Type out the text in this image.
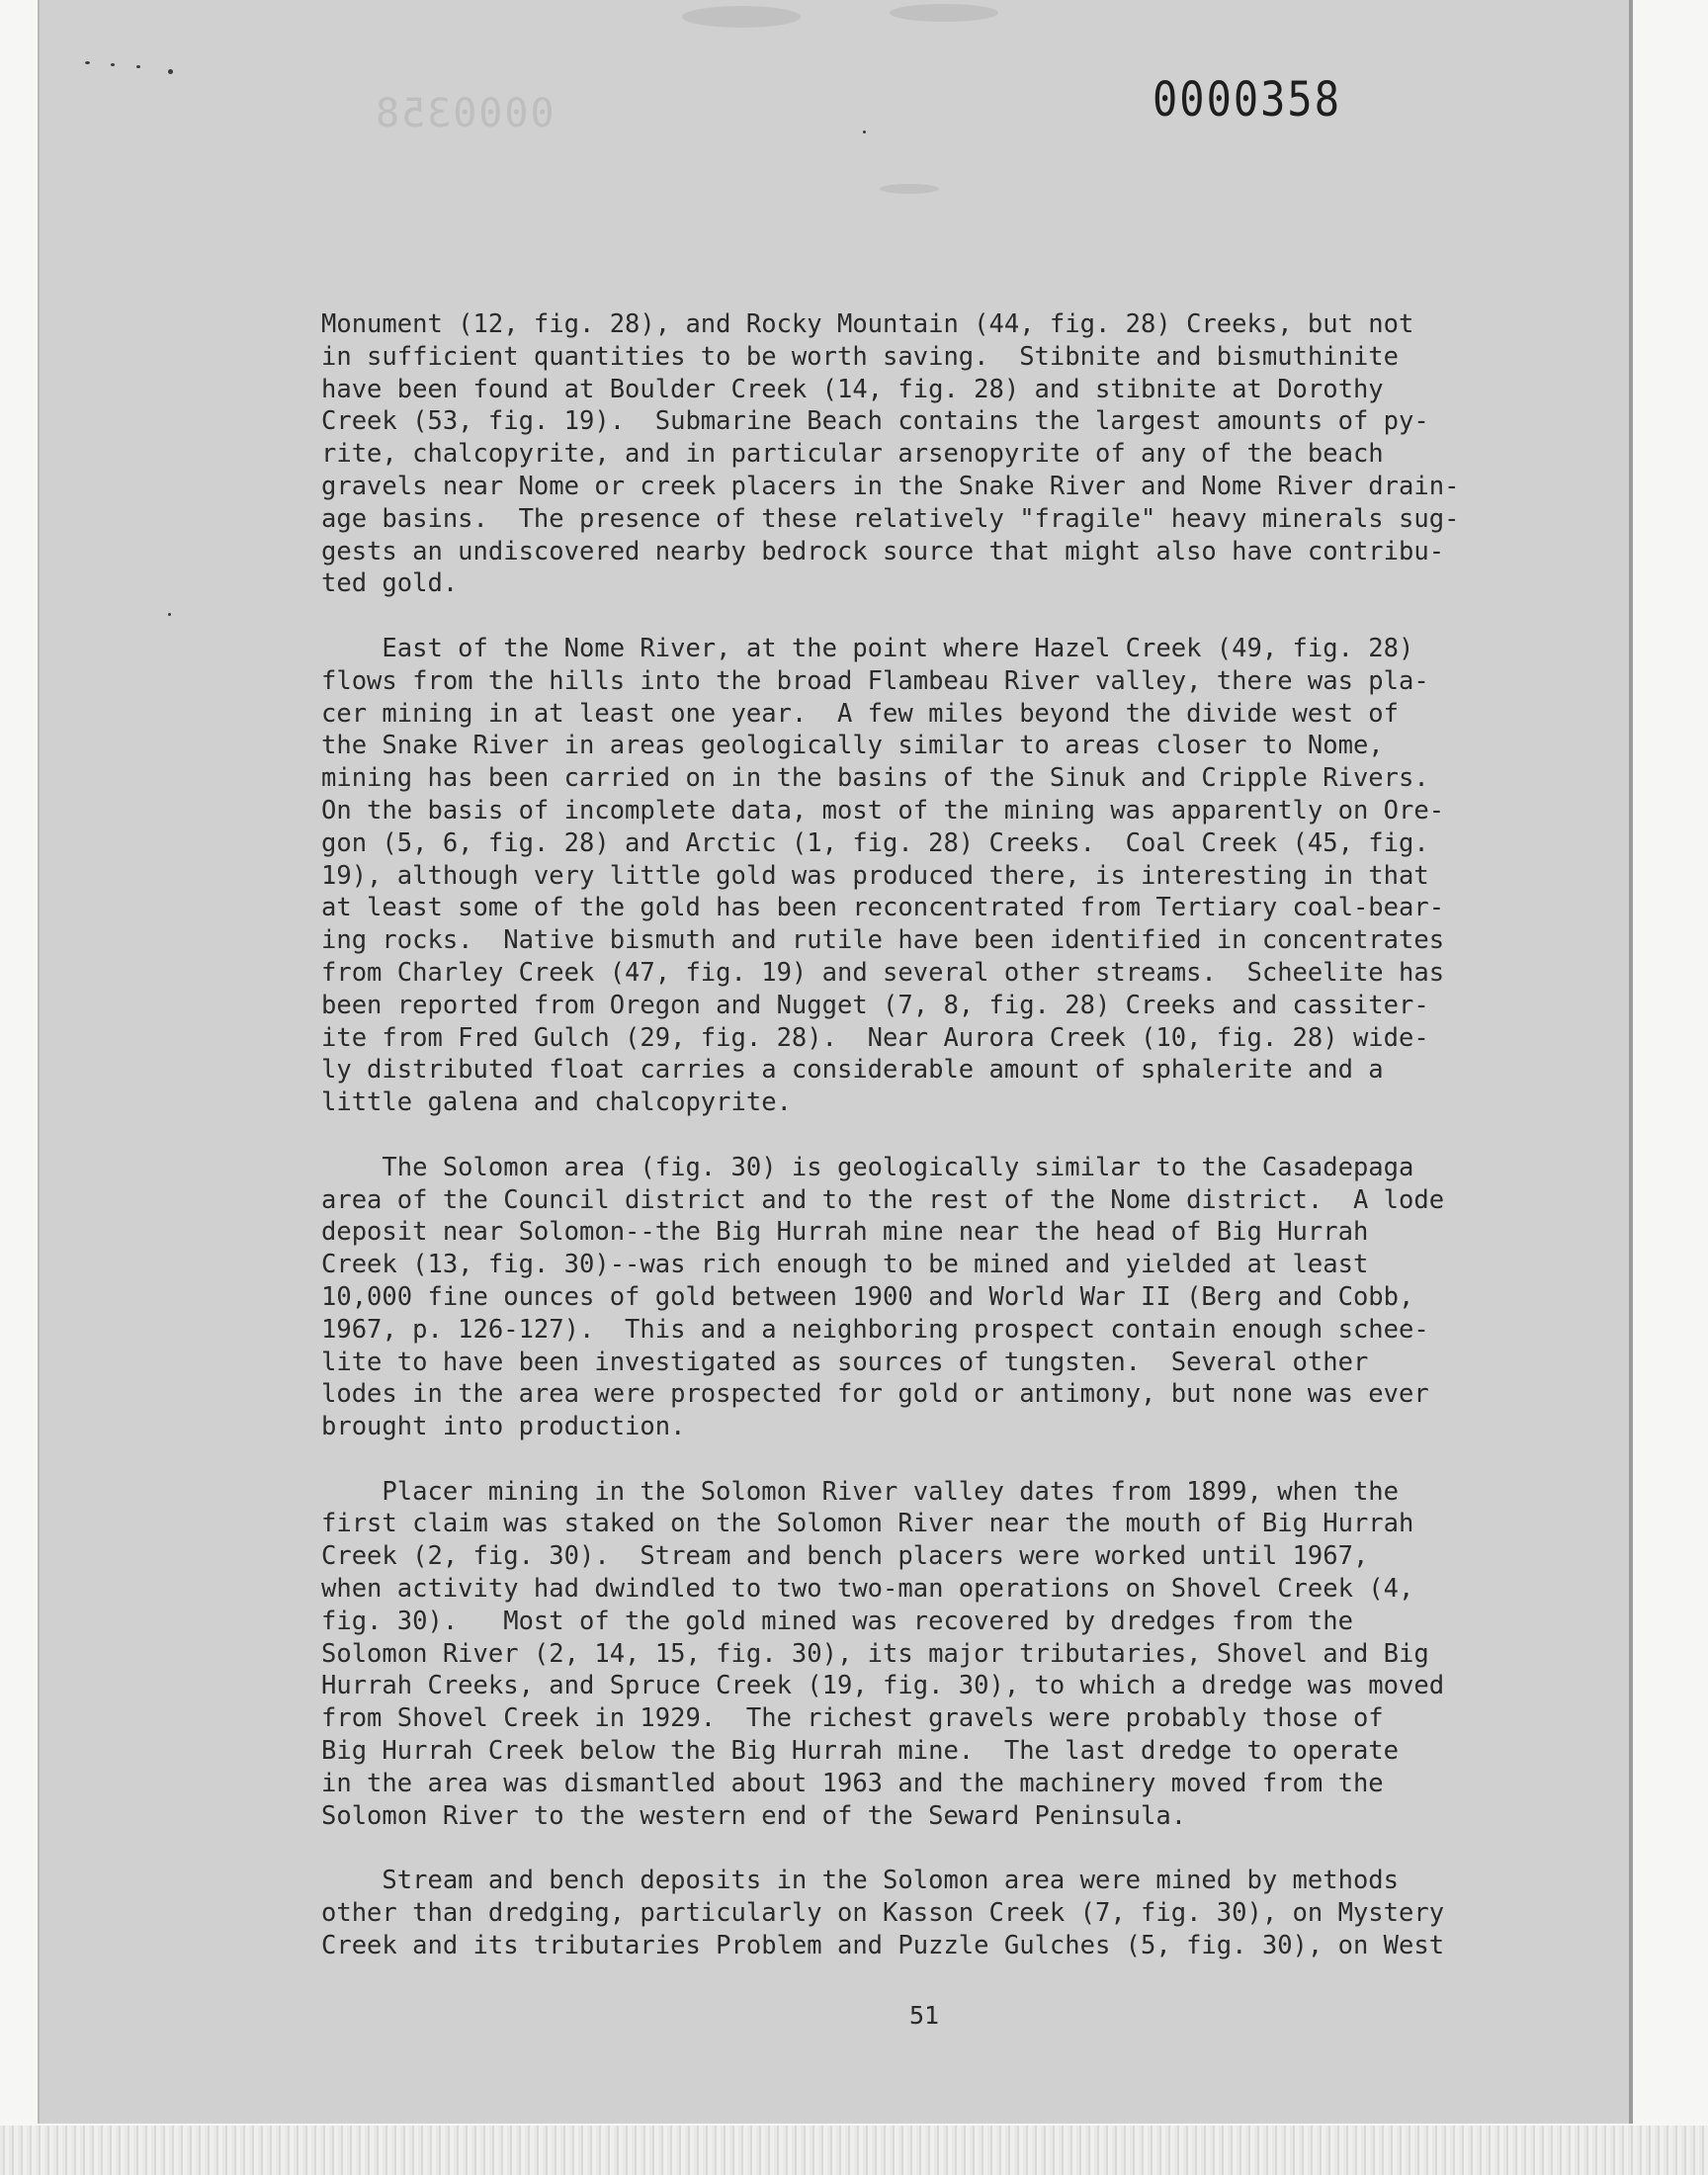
0000358	0000358
Monument (12, fig. 28), and Rocky Mountain (44, fig. 28) Creeks, but not
in sufficient quantities to be worth saving.  Stibnite and bismuthinite
have been found at Boulder Creek (14, fig. 28) and stibnite at Dorothy
Creek (53, fig. 19).  Submarine Beach contains the largest amounts of py-
rite, chalcopyrite, and in particular arsenopyrite of any of the beach
gravels near Nome or creek placers in the Snake River and Nome River drain-
age basins.  The presence of these relatively "fragile" heavy minerals sug-
gests an undiscovered nearby bedrock source that might also have contribu-
ted gold.
East of the Nome River, at the point where Hazel Creek (49, fig. 28)
flows from the hills into the broad Flambeau River valley, there was pla-
cer mining in at least one year.  A few miles beyond the divide west of
the Snake River in areas geologically similar to areas closer to Nome,
mining has been carried on in the basins of the Sinuk and Cripple Rivers.
On the basis of incomplete data, most of the mining was apparently on Ore-
gon (5, 6, fig. 28) and Arctic (1, fig. 28) Creeks.  Coal Creek (45, fig.
19), although very little gold was produced there, is interesting in that
at least some of the gold has been reconcentrated from Tertiary coal-bear-
ing rocks.  Native bismuth and rutile have been identified in concentrates
from Charley Creek (47, fig. 19) and several other streams.  Scheelite has
been reported from Oregon and Nugget (7, 8, fig. 28) Creeks and cassiter-
ite from Fred Gulch (29, fig. 28).  Near Aurora Creek (10, fig. 28) wide-
ly distributed float carries a considerable amount of sphalerite and a
little galena and chalcopyrite.
The Solomon area (fig. 30) is geologically similar to the Casadepaga
area of the Council district and to the rest of the Nome district.  A lode
deposit near Solomon--the Big Hurrah mine near the head of Big Hurrah
Creek (13, fig. 30)--was rich enough to be mined and yielded at least
10,000 fine ounces of gold between 1900 and World War II (Berg and Cobb,
1967, p. 126-127).  This and a neighboring prospect contain enough schee-
lite to have been investigated as sources of tungsten.  Several other
lodes in the area were prospected for gold or antimony, but none was ever
brought into production.
Placer mining in the Solomon River valley dates from 1899, when the
first claim was staked on the Solomon River near the mouth of Big Hurrah
Creek (2, fig. 30).  Stream and bench placers were worked until 1967,
when activity had dwindled to two two-man operations on Shovel Creek (4,
fig. 30).   Most of the gold mined was recovered by dredges from the
Solomon River (2, 14, 15, fig. 30), its major tributaries, Shovel and Big
Hurrah Creeks, and Spruce Creek (19, fig. 30), to which a dredge was moved
from Shovel Creek in 1929.  The richest gravels were probably those of
Big Hurrah Creek below the Big Hurrah mine.  The last dredge to operate
in the area was dismantled about 1963 and the machinery moved from the
Solomon River to the western end of the Seward Peninsula.
Stream and bench deposits in the Solomon area were mined by methods
other than dredging, particularly on Kasson Creek (7, fig. 30), on Mystery
Creek and its tributaries Problem and Puzzle Gulches (5, fig. 30), on West
51
